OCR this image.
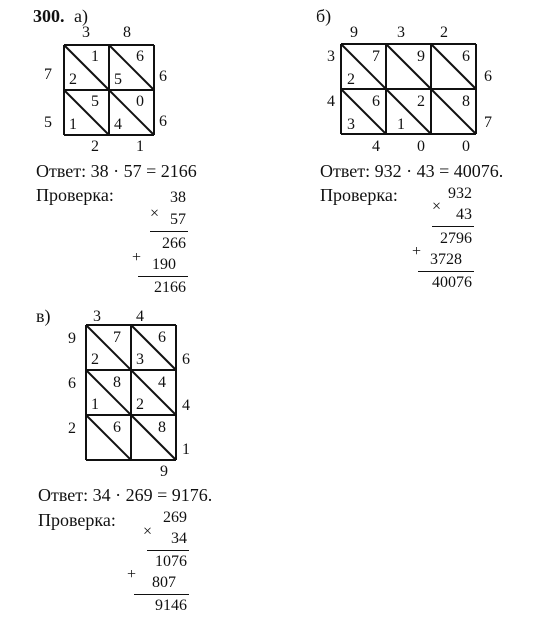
300. а)
3 8
7
5
6
6
2 1
1
2
6
5
5
1
0
4
Ответ: 38 · 57 = 2166
Проверка:
×
38
57
266
+ 190
2166
б)
9 3 2
3
4
6
7
4 0 0
7
2
9 6
6
3
2
1
8
Ответ: 932 · 43 = 40076.
Проверка:
×
932
43
2796
+ 3728
40076
в)	3 4
9
6
2
6
4
1
9
7
2
6
3
8
1
4
2
6 8
Ответ: 34 · 269 = 9176.
Проверка:
×
269
34
1076
+ 807
9146
